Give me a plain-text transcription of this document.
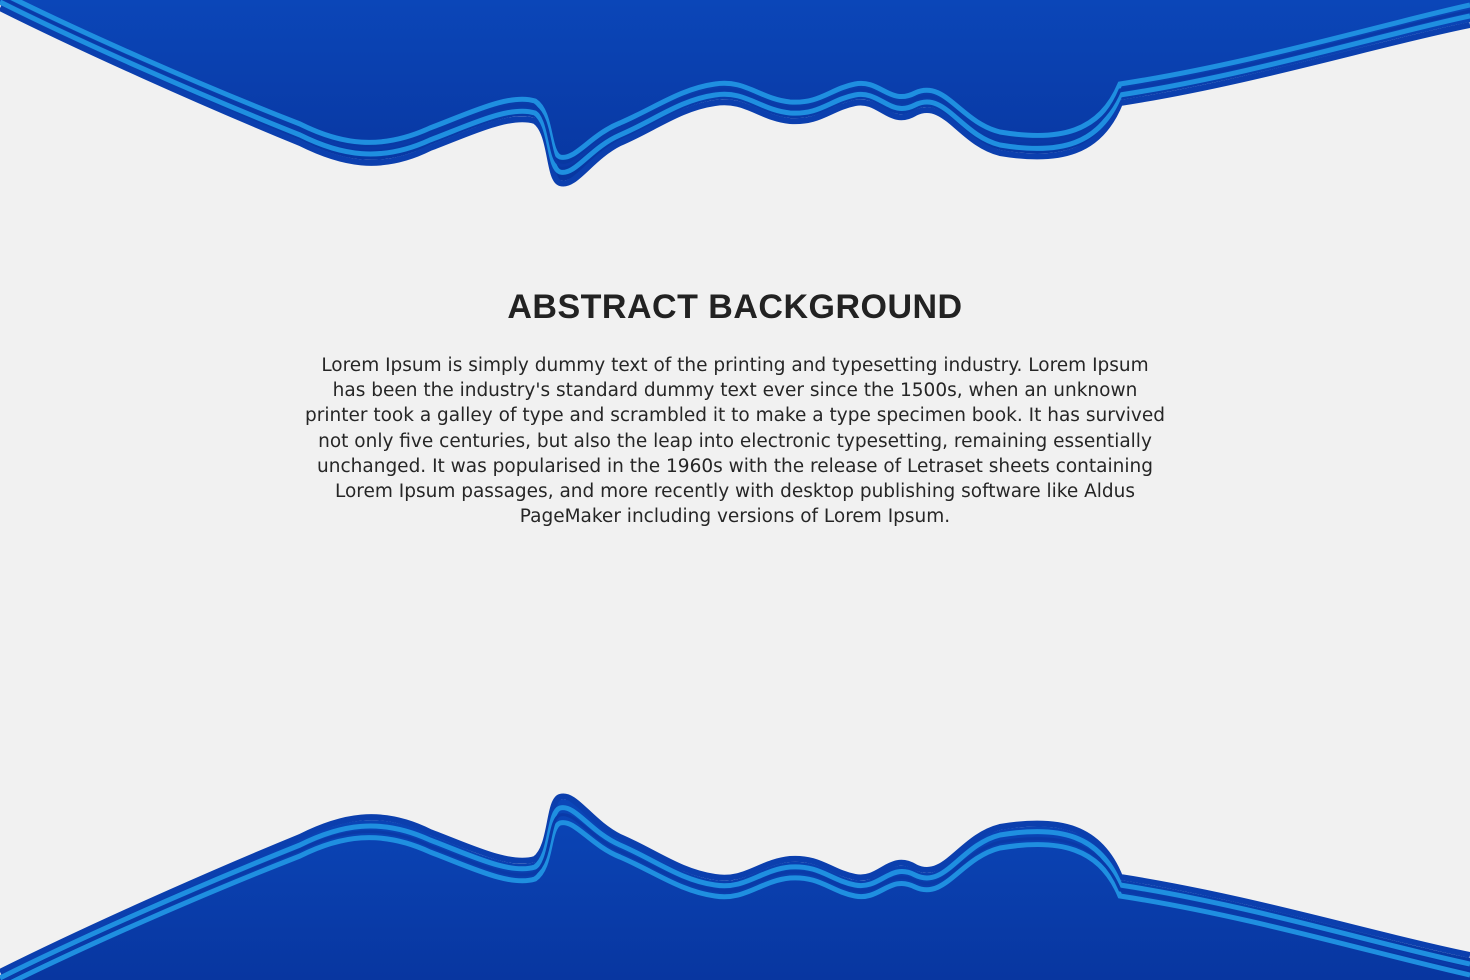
ABSTRACT BACKGROUND

Lorem Ipsum is simply dummy text of the printing and typesetting industry. Lorem Ipsum has been the industry's standard dummy text ever since the 1500s, when an unknown printer took a galley of type and scrambled it to make a type specimen book. It has survived not only five centuries, but also the leap into electronic typesetting, remaining essentially unchanged. It was popularised in the 1960s with the release of Letraset sheets containing Lorem Ipsum passages, and more recently with desktop publishing software like Aldus PageMaker including versions of Lorem Ipsum.
